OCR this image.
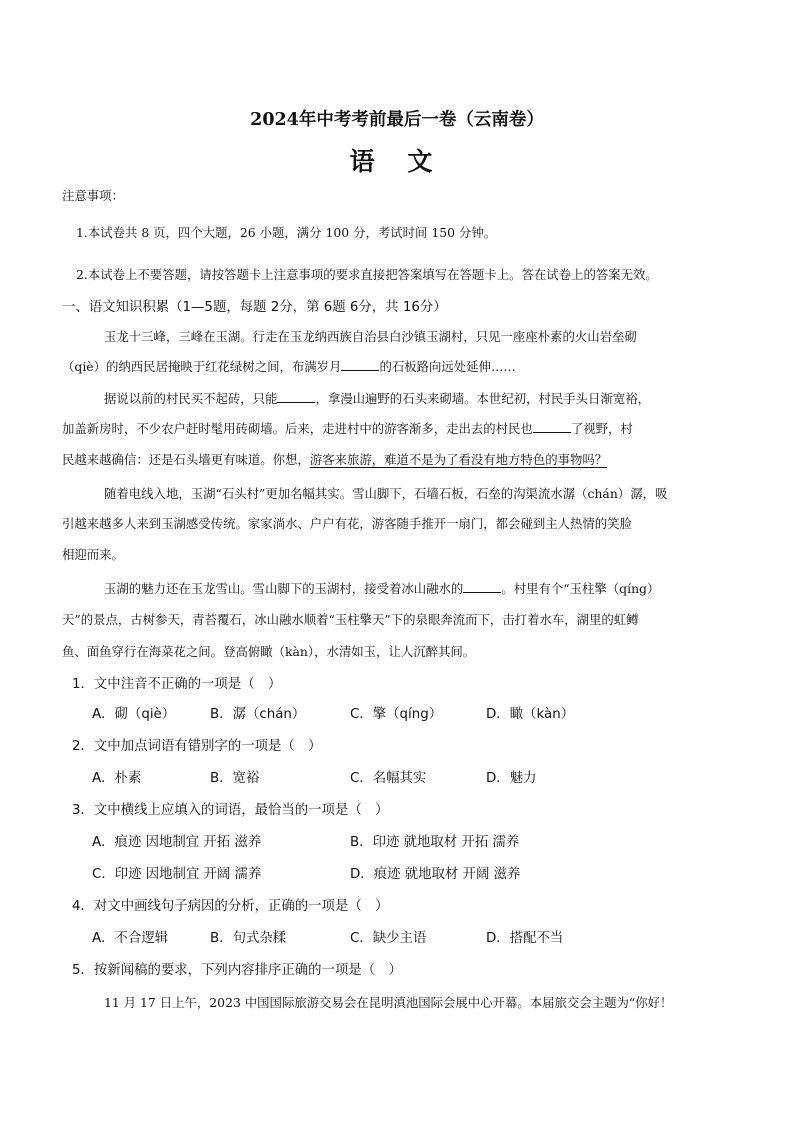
2024年中考考前最后一卷（云南卷）
语 文
注意事项：
1.本试卷共 8 页，四个大题，26 小题，满分 100 分，考试时间 150 分钟。
2.本试卷上不要答题，请按答题卡上注意事项的要求直接把答案填写在答题卡上。答在试卷上的答案无效。
一、语文知识积累（1—5题，每题 2分，第 6题 6分，共 16分）
玉龙十三峰，三峰在玉湖。行走在玉龙纳西族自治县白沙镇玉湖村，只见一座座朴素的火山岩垒砌
（qiè）的纳西民居掩映于红花绿树之间，布满岁月	的石板路向远处延伸……
据说以前的村民买不起砖，只能	，拿漫山遍野的石头来砌墙。本世纪初，村民手头日渐宽裕，
加盖新房时，不少农户赶时髦用砖砌墙。后来，走进村中的游客渐多，走出去的村民也	了视野，村
民越来越确信：还是石头墙更有味道。你想，游客来旅游，难道不是为了看没有地方特色的事物吗？
随着电线入地，玉湖“石头村”更加名幅其实。雪山脚下，石墙石板，石垒的沟渠流水潺（chán）潺，吸
引越来越多人来到玉湖感受传统。家家淌水、户户有花，游客随手推开一扇门，都会碰到主人热情的笑脸
相迎而来。
玉湖的魅力还在玉龙雪山。雪山脚下的玉湖村，接受着冰山融水的	。村里有个“玉柱擎（qíng）
天”的景点，古树参天，青苔覆石，冰山融水顺着“玉柱擎天”下的泉眼奔流而下，击打着水车，湖里的虹鳟
鱼、面鱼穿行在海菜花之间。登高俯瞰（kàn），水清如玉，让人沉醉其间。
1．文中注音不正确的一项是（　）
A．砌（qiè）	B．潺（chán）	C．擎（qíng）	D．瞰（kàn）
2．文中加点词语有错别字的一项是（　）
A．朴素	B．宽裕	C．名幅其实	D．魅力
3．文中横线上应填入的词语，最恰当的一项是（　）
A．痕迹 因地制宜 开拓 滋养	B．印迹 就地取材 开拓 濡养
C．印迹 因地制宜 开阔 濡养	D．痕迹 就地取材 开阔 滋养
4．对文中画线句子病因的分析，正确的一项是（　）
A．不合逻辑	B．句式杂糅	C．缺少主语	D．搭配不当
5．按新闻稿的要求，下列内容排序正确的一项是（　）
11 月 17 日上午，2023 中国国际旅游交易会在昆明滇池国际会展中心开幕。本届旅交会主题为“你好！
